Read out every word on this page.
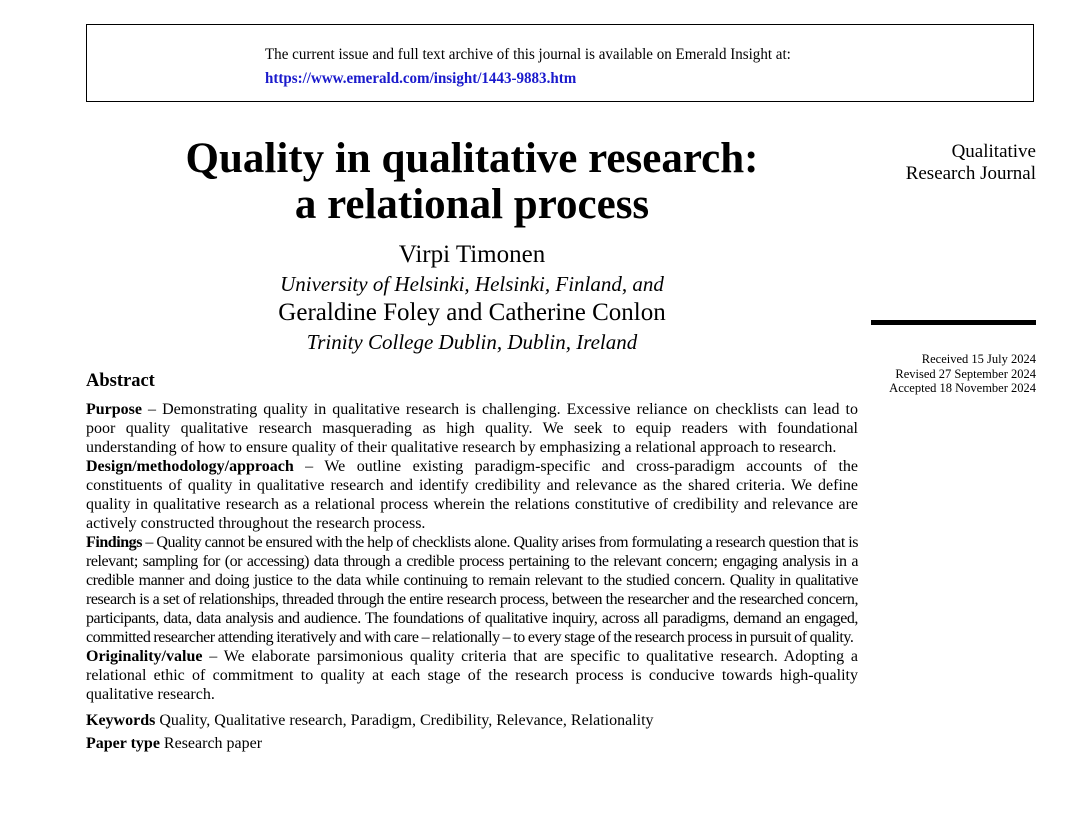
The current issue and full text archive of this journal is available on Emerald Insight at:
https://www.emerald.com/insight/1443-9883.htm
Quality in qualitative research:
a relational process
Virpi Timonen
University of Helsinki, Helsinki, Finland, and
Geraldine Foley and Catherine Conlon
Trinity College Dublin, Dublin, Ireland
Qualitative
Research Journal
Received 15 July 2024
Revised 27 September 2024
Accepted 18 November 2024
Abstract

Purpose – Demonstrating quality in qualitative research is challenging. Excessive reliance on checklists can lead to poor quality qualitative research masquerading as high quality. We seek to equip readers with foundational understanding of how to ensure quality of their qualitative research by emphasizing a relational approach to research.

Design/methodology/approach – We outline existing paradigm-specific and cross-paradigm accounts of the constituents of quality in qualitative research and identify credibility and relevance as the shared criteria. We define quality in qualitative research as a relational process wherein the relations constitutive of credibility and relevance are actively constructed throughout the research process.

Findings – Quality cannot be ensured with the help of checklists alone. Quality arises from formulating a research question that is relevant; sampling for (or accessing) data through a credible process pertaining to the relevant concern; engaging analysis in a credible manner and doing justice to the data while continuing to remain relevant to the studied concern. Quality in qualitative research is a set of relationships, threaded through the entire research process, between the researcher and the researched concern, participants, data, data analysis and audience. The foundations of qualitative inquiry, across all paradigms, demand an engaged, committed researcher attending iteratively and with care – relationally – to every stage of the research process in pursuit of quality.

Originality/value – We elaborate parsimonious quality criteria that are specific to qualitative research. Adopting a relational ethic of commitment to quality at each stage of the research process is conducive towards high-quality qualitative research.

Keywords Quality, Qualitative research, Paradigm, Credibility, Relevance, Relationality

Paper type Research paper
